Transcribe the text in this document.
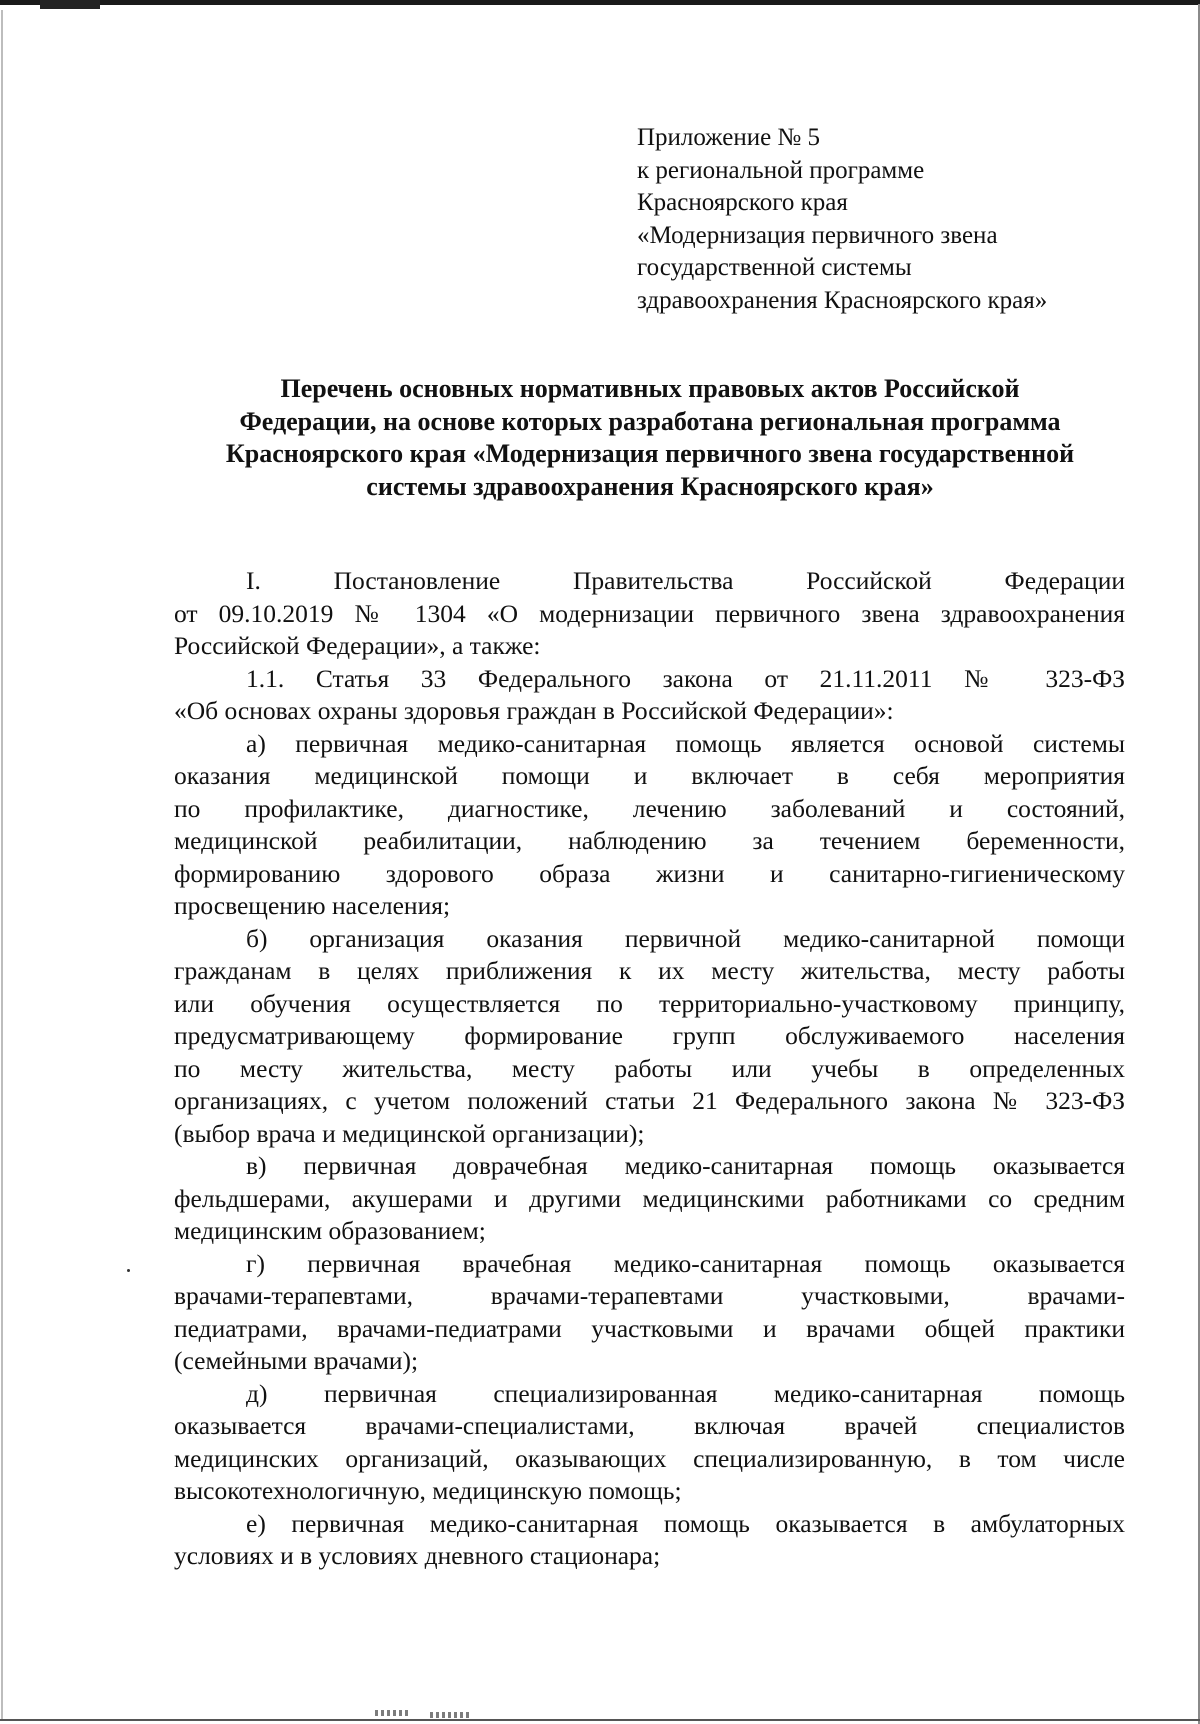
Приложение № 5
к региональной программе
Красноярского края
«Модернизация первичного звена
государственной системы
здравоохранения Красноярского края»
Перечень основных нормативных правовых актов Российской
Федерации, на основе которых разработана региональная программа
Красноярского края «Модернизация первичного звена государственной
системы здравоохранения Красноярского края»
I. Постановление Правительства Российской Федерации
от 09.10.2019 № 1304 «О модернизации первичного звена здравоохранения
Российской Федерации», а также:
1.1. Статья 33 Федерального закона от 21.11.2011 № 323-ФЗ
«Об основах охраны здоровья граждан в Российской Федерации»:
а) первичная медико-санитарная помощь является основой системы
оказания медицинской помощи и включает в себя мероприятия
по профилактике, диагностике, лечению заболеваний и состояний,
медицинской реабилитации, наблюдению за течением беременности,
формированию здорового образа жизни и санитарно-гигиеническому
просвещению населения;
б) организация оказания первичной медико-санитарной помощи
гражданам в целях приближения к их месту жительства, месту работы
или обучения осуществляется по территориально-участковому принципу,
предусматривающему формирование групп обслуживаемого населения
по месту жительства, месту работы или учебы в определенных
организациях, с учетом положений статьи 21 Федерального закона № 323-ФЗ
(выбор врача и медицинской организации);
в) первичная доврачебная медико-санитарная помощь оказывается
фельдшерами, акушерами и другими медицинскими работниками со средним
медицинским образованием;
г) первичная врачебная медико-санитарная помощь оказывается
врачами-терапевтами, врачами-терапевтами участковыми, врачами-
педиатрами, врачами-педиатрами участковыми и врачами общей практики
(семейными врачами);
д) первичная специализированная медико-санитарная помощь
оказывается врачами-специалистами, включая врачей специалистов
медицинских организаций, оказывающих специализированную, в том числе
высокотехнологичную, медицинскую помощь;
е) первичная медико-санитарная помощь оказывается в амбулаторных
условиях и в условиях дневного стационара;
